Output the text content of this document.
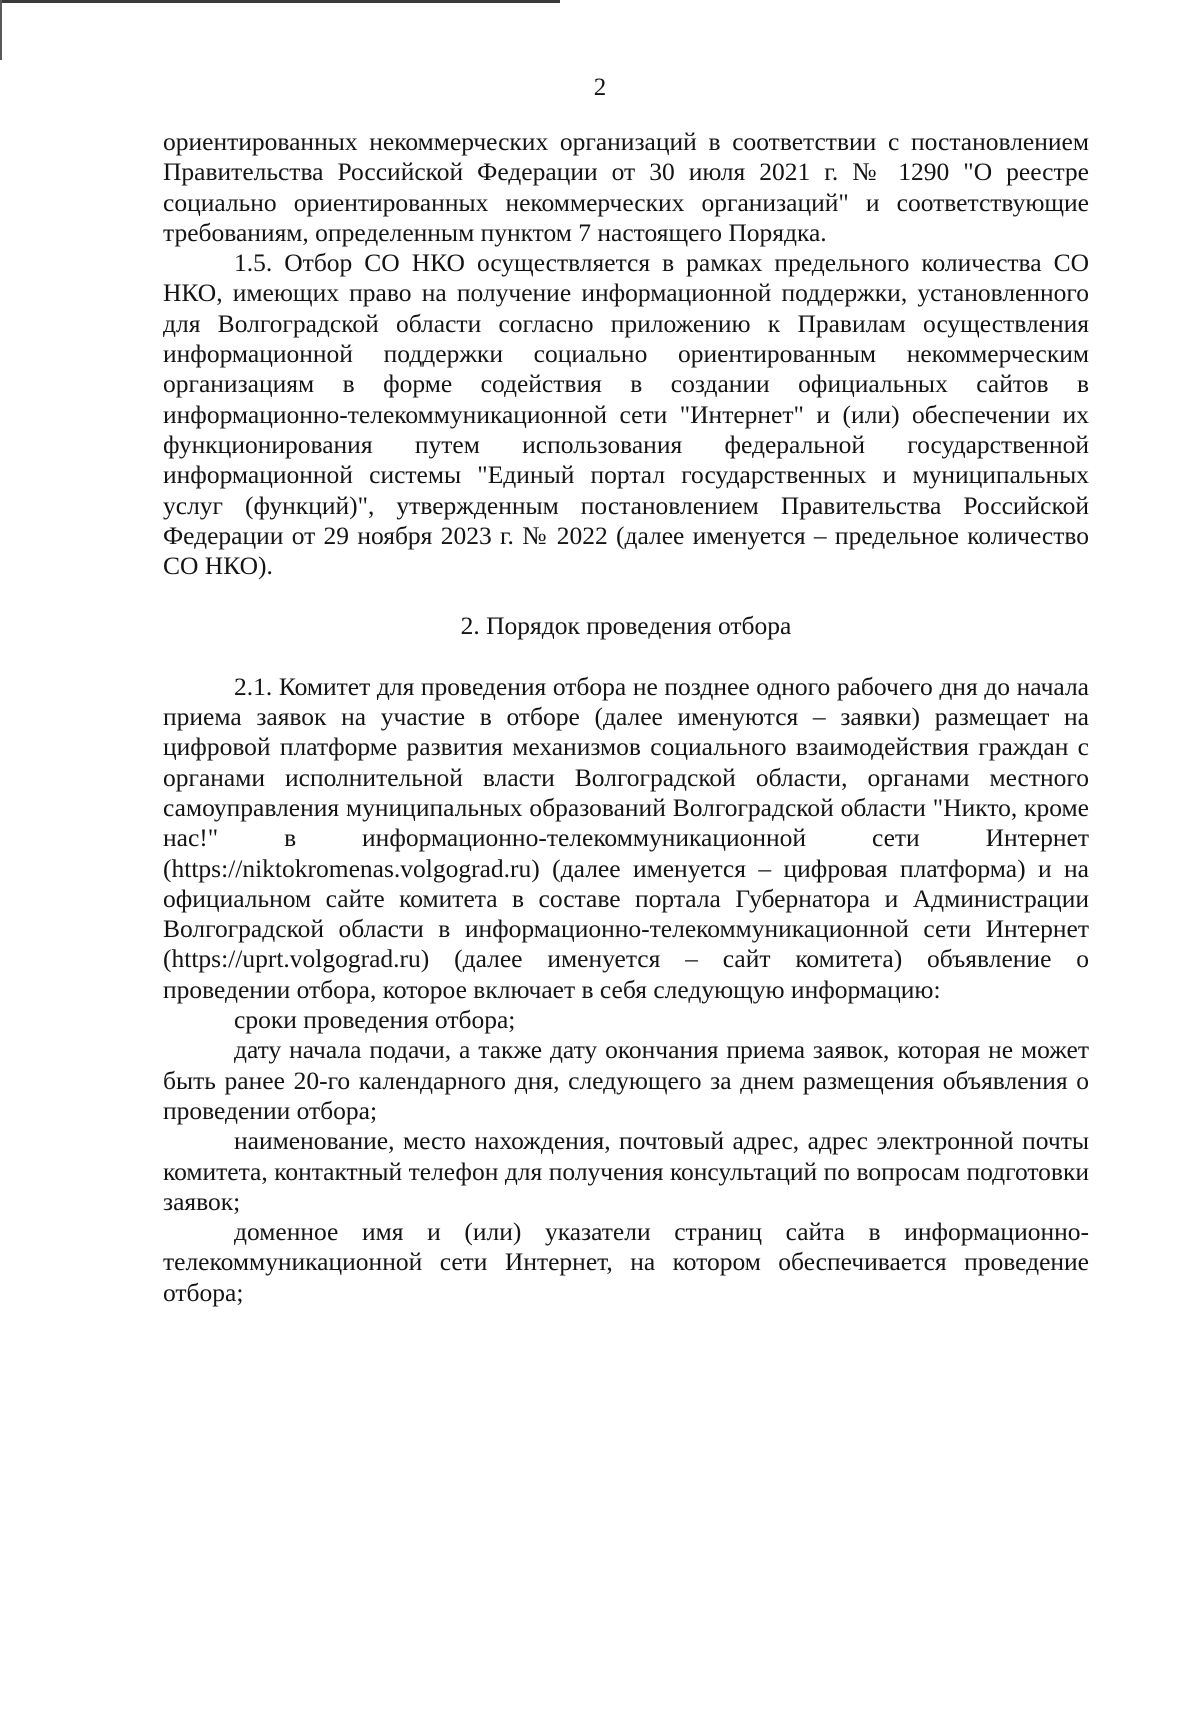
2

ориентированных некоммерческих организаций в соответствии с постановлением Правительства Российской Федерации от 30 июля 2021 г. № 1290 "О реестре социально ориентированных некоммерческих организаций" и соответствующие требованиям, определенным пунктом 7 настоящего Порядка.

1.5. Отбор СО НКО осуществляется в рамках предельного количества СО НКО, имеющих право на получение информационной поддержки, установленного для Волгоградской области согласно приложению к Правилам осуществления информационной поддержки социально ориентированным некоммерческим организациям в форме содействия в создании официальных сайтов в информационно-телекоммуникационной сети "Интернет" и (или) обеспечении их функционирования путем использования федеральной государственной информационной системы "Единый портал государственных и муниципальных услуг (функций)", утвержденным постановлением Правительства Российской Федерации от 29 ноября 2023 г. № 2022 (далее именуется – предельное количество СО НКО).

2. Порядок проведения отбора

2.1. Комитет для проведения отбора не позднее одного рабочего дня до начала приема заявок на участие в отборе (далее именуются – заявки) размещает на цифровой платформе развития механизмов социального взаимодействия граждан с органами исполнительной власти Волгоградской области, органами местного самоуправления муниципальных образований Волгоградской области "Никто, кроме нас!" в информационно-телекоммуникационной сети Интернет (https://niktokromenas.volgograd.ru) (далее именуется – цифровая платформа) и на официальном сайте комитета в составе портала Губернатора и Администрации Волгоградской области в информационно-телекоммуникационной сети Интернет (https://uprt.volgograd.ru) (далее именуется – сайт комитета) объявление о проведении отбора, которое включает в себя следующую информацию:

сроки проведения отбора;

дату начала подачи, а также дату окончания приема заявок, которая не может быть ранее 20-го календарного дня, следующего за днем размещения объявления о проведении отбора;

наименование, место нахождения, почтовый адрес, адрес электронной почты комитета, контактный телефон для получения консультаций по вопросам подготовки заявок;

доменное имя и (или) указатели страниц сайта в информационно-телекоммуникационной сети Интернет, на котором обеспечивается проведение отбора;
